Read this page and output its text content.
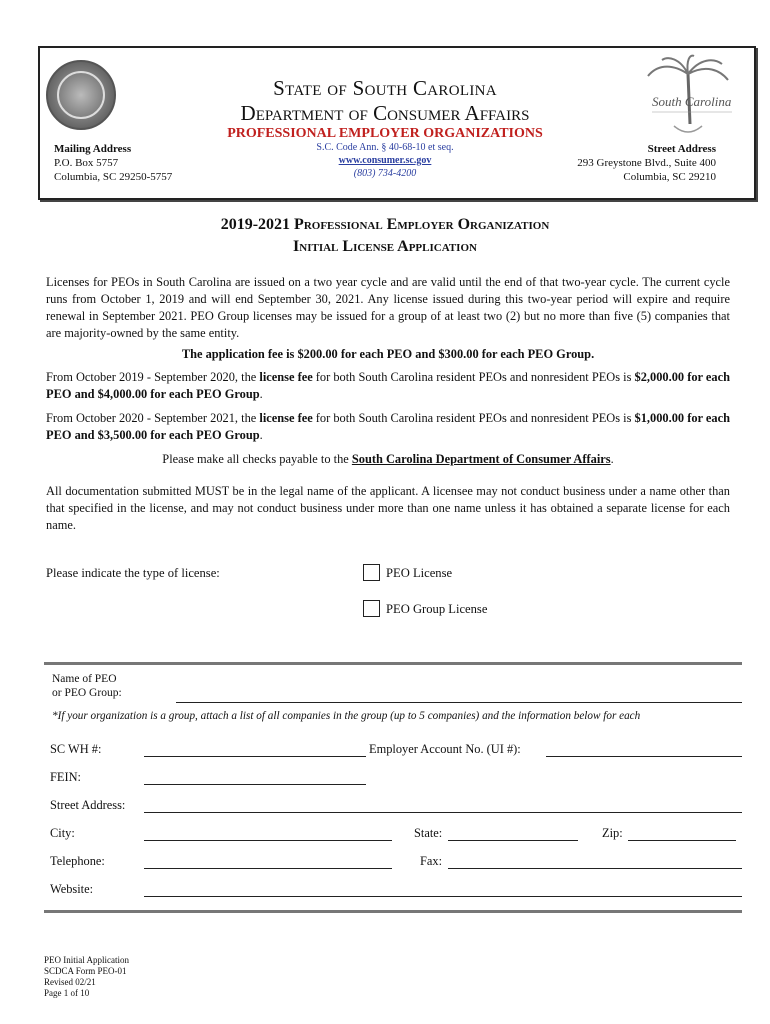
South Carolina
State of South Carolina
Department of Consumer Affairs
PROFESSIONAL EMPLOYER ORGANIZATIONS
Mailing Address
P.O. Box 5757
Columbia, SC 29250-5757
S.C. Code Ann. § 40-68-10 et seq.
www.consumer.sc.gov
(803) 734-4200
Street Address
293 Greystone Blvd., Suite 400
Columbia, SC 29210
2019-2021 Professional Employer Organization
Initial License Application
Licenses for PEOs in South Carolina are issued on a two year cycle and are valid until the end of that two-year cycle. The current cycle runs from October 1, 2019 and will end September 30, 2021. Any license issued during this two-year period will expire and require renewal in September 2021. PEO Group licenses may be issued for a group of at least two (2) but no more than five (5) companies that are majority-owned by the same entity.
The application fee is $200.00 for each PEO and $300.00 for each PEO Group.
From October 2019 - September 2020, the license fee for both South Carolina resident PEOs and nonresident PEOs is $2,000.00 for each PEO and $4,000.00 for each PEO Group.
From October 2020 - September 2021, the license fee for both South Carolina resident PEOs and nonresident PEOs is $1,000.00 for each PEO and $3,500.00 for each PEO Group.
Please make all checks payable to the South Carolina Department of Consumer Affairs.
All documentation submitted MUST be in the legal name of the applicant. A licensee may not conduct business under a name other than that specified in the license, and may not conduct business under more than one name unless it has obtained a separate license for each name.
Please indicate the type of license:	PEO License
PEO Group License
Name of PEO
or PEO Group:
*If your organization is a group, attach a list of all companies in the group (up to 5 companies) and the information below for each
SC WH #:	Employer Account No. (UI #):
FEIN:
Street Address:
City:	State:	Zip:
Telephone:	Fax:
Website:
PEO Initial Application
SCDCA Form PEO-01
Revised 02/21
Page 1 of 10
